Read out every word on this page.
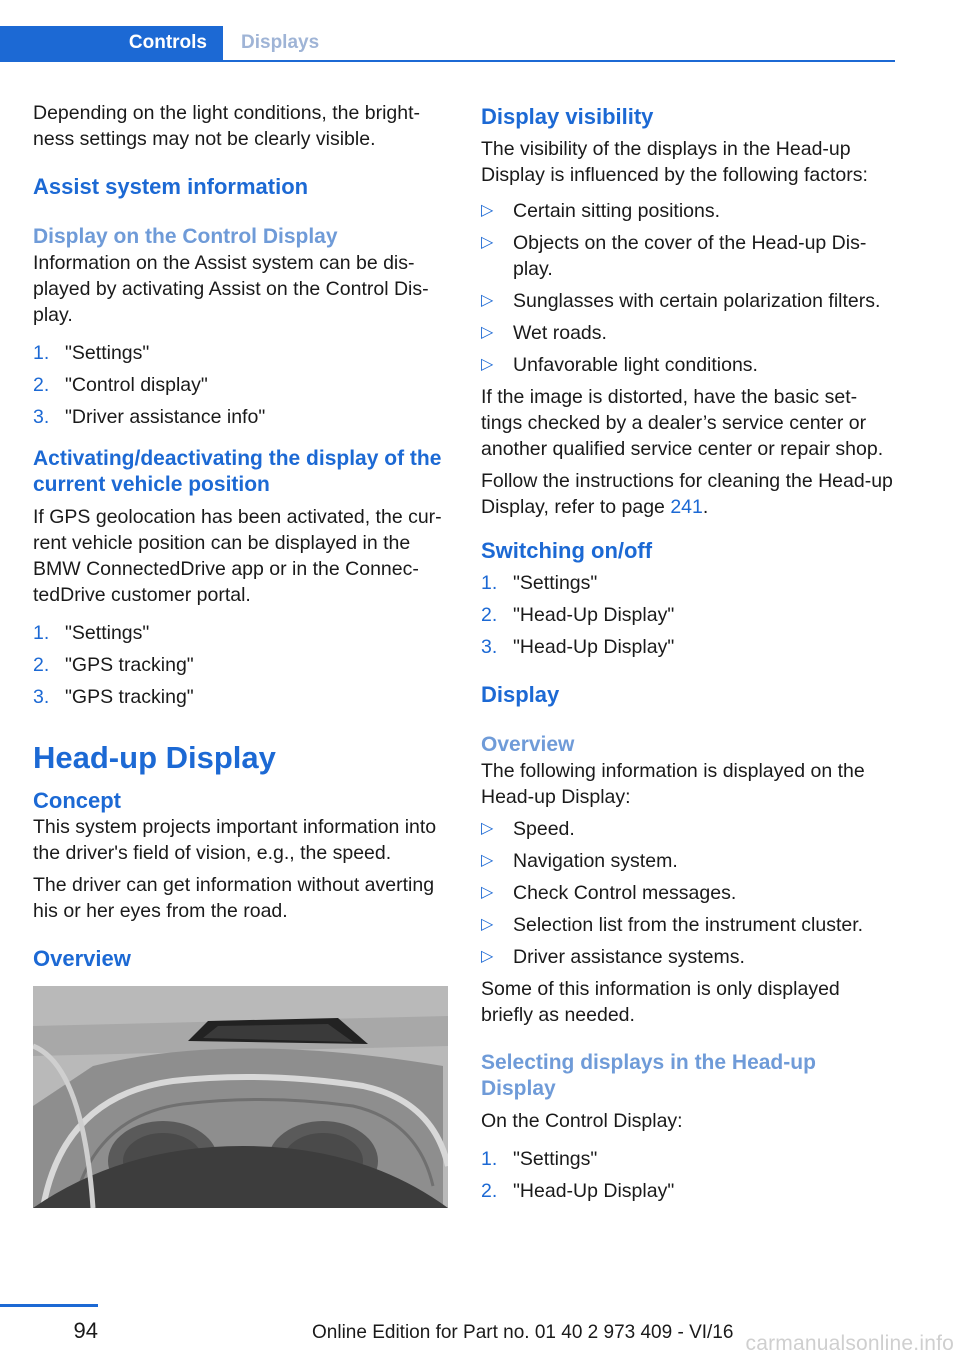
Controls	Displays

Depending on the light conditions, the bright-ness settings may not be clearly visible.

Assist system information
Display on the Control Display

Information on the Assist system can be dis-played by activating Assist on the Control Dis-play.

1. "Settings"
2. "Control display"
3. "Driver assistance info"
Activating/deactivating the display of the current vehicle position

If GPS geolocation has been activated, the cur-rent vehicle position can be displayed in the BMW ConnectedDrive app or in the Connec-tedDrive customer portal.

1. "Settings"
2. "GPS tracking"
3. "GPS tracking"
Head-up Display
Concept

This system projects important information into the driver's field of vision, e.g., the speed.

The driver can get information without averting his or her eyes from the road.

Overview
Display visibility

The visibility of the displays in the Head-up Display is influenced by the following factors:

▷ Certain sitting positions.
▷ Objects on the cover of the Head-up Dis-play.
▷ Sunglasses with certain polarization filters.
▷ Wet roads.
▷ Unfavorable light conditions.

If the image is distorted, have the basic set-tings checked by a dealer’s service center or another qualified service center or repair shop.

Follow the instructions for cleaning the Head-up Display, refer to page 241.

Switching on/off
1. "Settings"
2. "Head-Up Display"
3. "Head-Up Display"
Display
Overview

The following information is displayed on the Head-up Display:

▷ Speed.
▷ Navigation system.
▷ Check Control messages.
▷ Selection list from the instrument cluster.
▷ Driver assistance systems.

Some of this information is only displayed briefly as needed.

Selecting displays in the Head-up Display

On the Control Display:

1. "Settings"
2. "Head-Up Display"
94	Online Edition for Part no. 01 40 2 973 409 - VI/16 carmanualsonline.info
